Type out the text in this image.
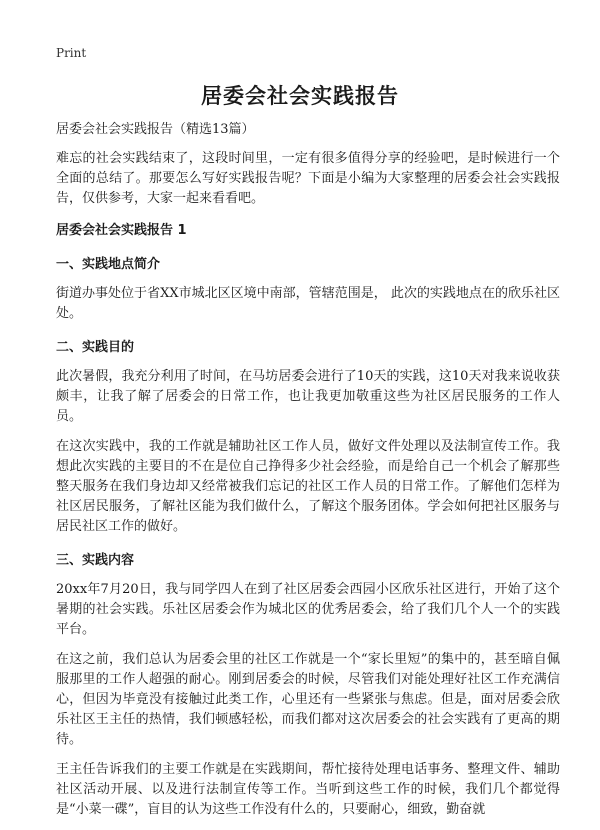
Print
居委会社会实践报告
居委会社会实践报告（精选13篇）

难忘的社会实践结束了，这段时间里，一定有很多值得分享的经验吧，是时候进行一个全面的总结了。那要怎么写好实践报告呢？下面是小编为大家整理的居委会社会实践报告，仅供参考，大家一起来看看吧。

居委会社会实践报告 1
一、实践地点简介

街道办事处位于省XX市城北区区境中南部，管辖范围是， 此次的实践地点在的欣乐社区处。

二、实践目的

此次暑假，我充分利用了时间，在马坊居委会进行了10天的实践，这10天对我来说收获颇丰，让我了解了居委会的日常工作，也让我更加敬重这些为社区居民服务的工作人员。

在这次实践中，我的工作就是辅助社区工作人员，做好文件处理以及法制宣传工作。我想此次实践的主要目的不在是位自己挣得多少社会经验，而是给自己一个机会了解那些整天服务在我们身边却又经常被我们忘记的社区工作人员的日常工作。了解他们怎样为社区居民服务，了解社区能为我们做什么，了解这个服务团体。学会如何把社区服务与居民社区工作的做好。

三、实践内容

20xx年7月20日，我与同学四人在到了社区居委会西园小区欣乐社区进行，开始了这个暑期的社会实践。乐社区居委会作为城北区的优秀居委会，给了我们几个人一个的实践平台。

在这之前，我们总认为居委会里的社区工作就是一个“家长里短”的集中的，甚至暗自佩服那里的工作人超强的耐心。刚到居委会的时候，尽管我们对能处理好社区工作充满信心，但因为毕竟没有接触过此类工作，心里还有一些紧张与焦虑。但是，面对居委会欣乐社区王主任的热情，我们顿感轻松，而我们都对这次居委会的社会实践有了更高的期待。

王主任告诉我们的主要工作就是在实践期间，帮忙接待处理电话事务、整理文件、辅助社区活动开展、以及进行法制宣传等工作。当听到这些工作的时候，我们几个都觉得是“小菜一碟”，盲目的认为这些工作没有什么的，只要耐心，细致，勤奋就
